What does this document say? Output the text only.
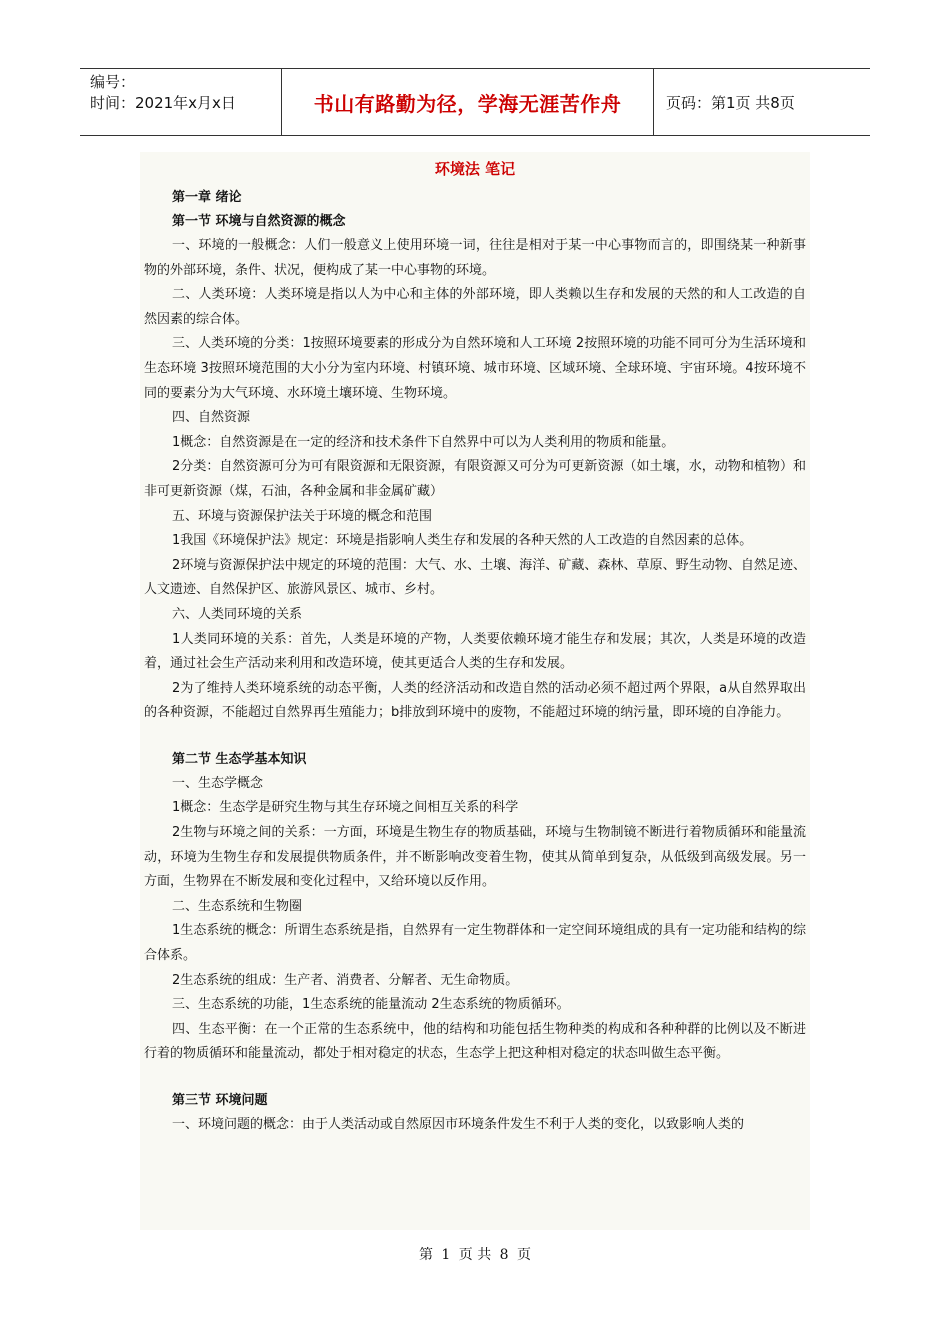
编号：
时间：2021年x月x日	书山有路勤为径，学海无涯苦作舟	页码：第1页 共8页
环境法 笔记
第一章 绪论
第一节 环境与自然资源的概念
一、环境的一般概念：人们一般意义上使用环境一词，往往是相对于某一中心事物而言的，即围绕某一种新事物的外部环境，条件、状况，便构成了某一中心事物的环境。
二、人类环境：人类环境是指以人为中心和主体的外部环境，即人类赖以生存和发展的天然的和人工改造的自然因素的综合体。
三、人类环境的分类：1按照环境要素的形成分为自然环境和人工环境 2按照环境的功能不同可分为生活环境和生态环境 3按照环境范围的大小分为室内环境、村镇环境、城市环境、区域环境、全球环境、宇宙环境。4按环境不同的要素分为大气环境、水环境土壤环境、生物环境。
四、自然资源
1概念：自然资源是在一定的经济和技术条件下自然界中可以为人类利用的物质和能量。
2分类：自然资源可分为可有限资源和无限资源，有限资源又可分为可更新资源（如土壤，水，动物和植物）和非可更新资源（煤，石油，各种金属和非金属矿藏）
五、环境与资源保护法关于环境的概念和范围
1我国《环境保护法》规定：环境是指影响人类生存和发展的各种天然的人工改造的自然因素的总体。
2环境与资源保护法中规定的环境的范围：大气、水、土壤、海洋、矿藏、森林、草原、野生动物、自然足迹、人文遗迹、自然保护区、旅游风景区、城市、乡村。
六、人类同环境的关系
1人类同环境的关系：首先，人类是环境的产物，人类要依赖环境才能生存和发展；其次，人类是环境的改造着，通过社会生产活动来利用和改造环境，使其更适合人类的生存和发展。
2为了维持人类环境系统的动态平衡，人类的经济活动和改造自然的活动必须不超过两个界限，a从自然界取出的各种资源，不能超过自然界再生殖能力；b排放到环境中的废物，不能超过环境的纳污量，即环境的自净能力。
第二节 生态学基本知识
一、生态学概念
1概念：生态学是研究生物与其生存环境之间相互关系的科学
2生物与环境之间的关系：一方面，环境是生物生存的物质基础，环境与生物制镜不断进行着物质循环和能量流动，环境为生物生存和发展提供物质条件，并不断影响改变着生物，使其从简单到复杂，从低级到高级发展。另一方面，生物界在不断发展和变化过程中，又给环境以反作用。
二、生态系统和生物圈
1生态系统的概念：所谓生态系统是指，自然界有一定生物群体和一定空间环境组成的具有一定功能和结构的综合体系。
2生态系统的组成：生产者、消费者、分解者、无生命物质。
三、生态系统的功能，1生态系统的能量流动 2生态系统的物质循环。
四、生态平衡：在一个正常的生态系统中，他的结构和功能包括生物种类的构成和各种种群的比例以及不断进行着的物质循环和能量流动，都处于相对稳定的状态，生态学上把这种相对稳定的状态叫做生态平衡。
第三节 环境问题
一、环境问题的概念：由于人类活动或自然原因市环境条件发生不利于人类的变化，以致影响人类的
第 1 页 共 8 页
